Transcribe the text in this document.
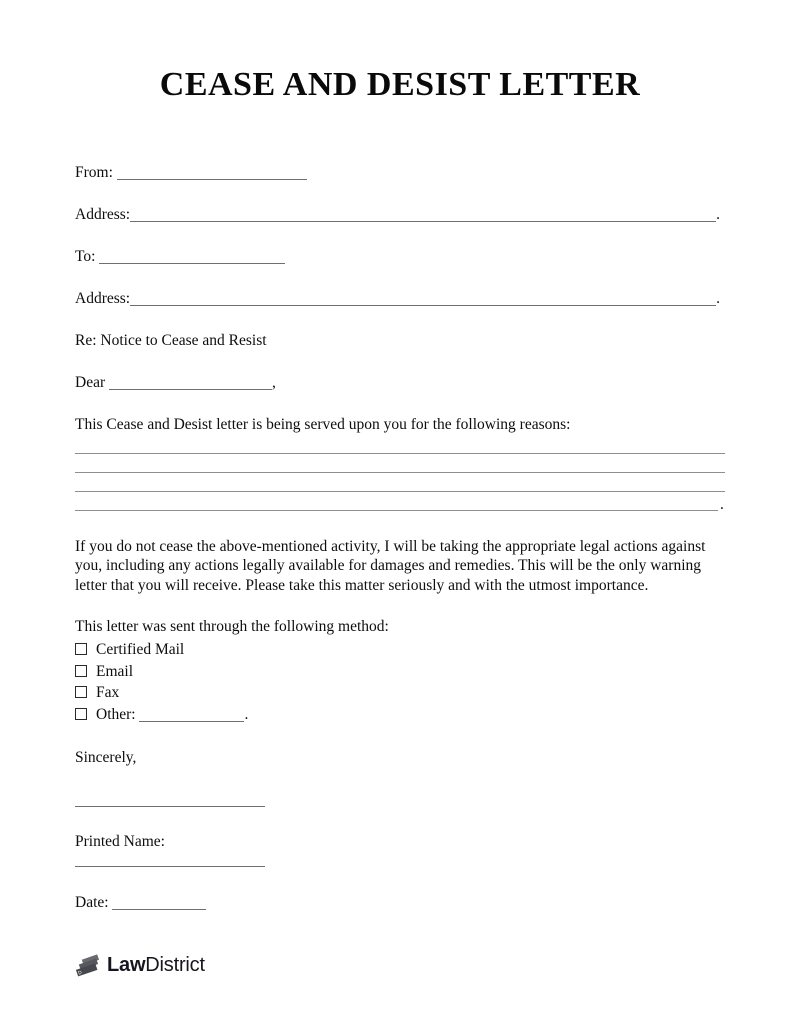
CEASE AND DESIST LETTER
From:
Address:	.
To:
Address:	.
Re: Notice to Cease and Resist
Dear	,
This Cease and Desist letter is being served upon you for the following reasons:
.
If you do not cease the above-mentioned activity, I will be taking the appropriate legal actions against you, including any actions legally available for damages and remedies. This will be the only warning letter that you will receive. Please take this matter seriously and with the utmost importance.
This letter was sent through the following method:
Certified Mail
Email
Fax
Other:	.
Sincerely,
Printed Name:
Date:
D LawDistrict
